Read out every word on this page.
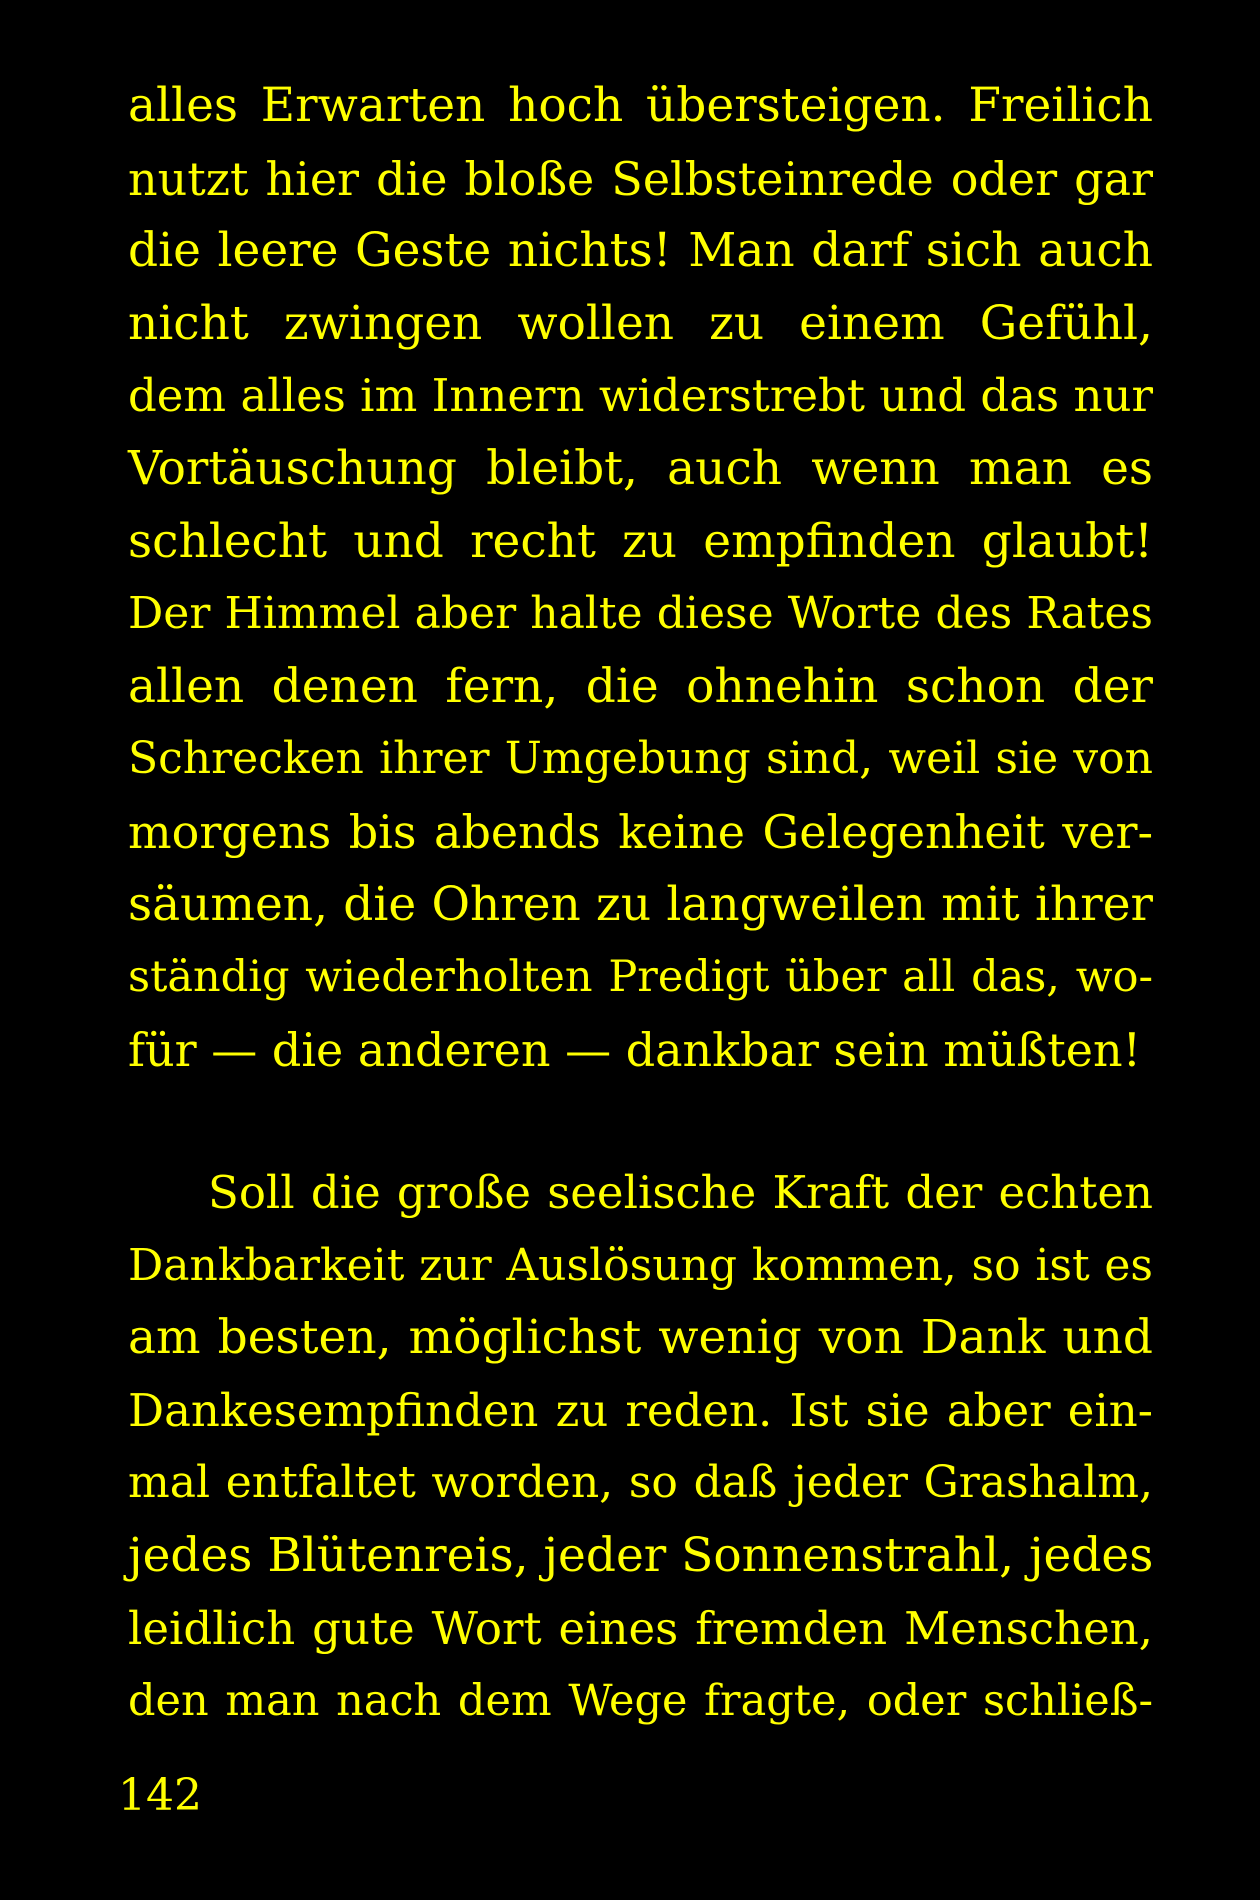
alles Erwarten hoch übersteigen. Freilich
nutzt hier die bloße Selbsteinrede oder gar
die leere Geste nichts! Man darf sich auch
nicht zwingen wollen zu einem Gefühl,
dem alles im Innern widerstrebt und das nur
Vortäuschung bleibt, auch wenn man es
schlecht und recht zu empfinden glaubt!
Der Himmel aber halte diese Worte des Rates
allen denen fern, die ohnehin schon der
Schrecken ihrer Umgebung sind, weil sie von
morgens bis abends keine Gelegenheit ver-
säumen, die Ohren zu langweilen mit ihrer
ständig wiederholten Predigt über all das, wo-
für — die anderen — dankbar sein müßten!
Soll die große seelische Kraft der echten
Dankbarkeit zur Auslösung kommen, so ist es
am besten, möglichst wenig von Dank und
Dankesempfinden zu reden. Ist sie aber ein-
mal entfaltet worden, so daß jeder Grashalm,
jedes Blütenreis, jeder Sonnenstrahl, jedes
leidlich gute Wort eines fremden Menschen,
den man nach dem Wege fragte, oder schließ-
142
